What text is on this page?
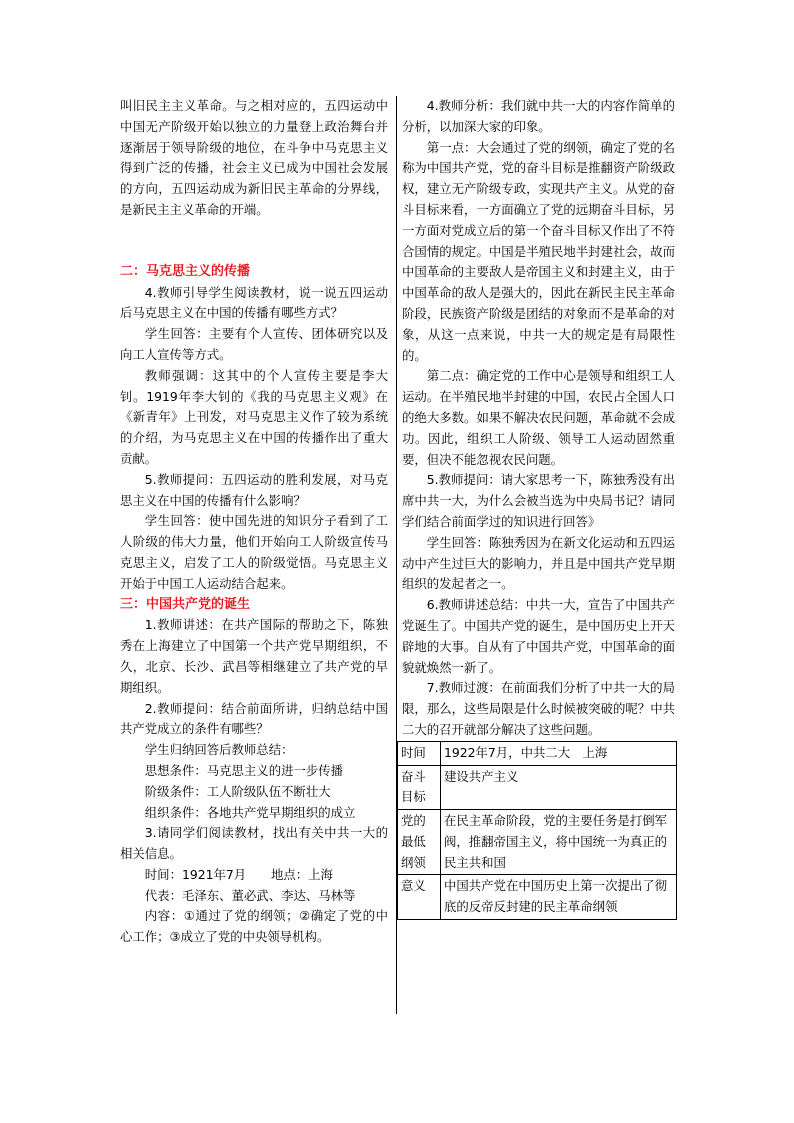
叫旧民主主义革命。与之相对应的，五四运动中中国无产阶级开始以独立的力量登上政治舞台并逐渐居于领导阶级的地位，在斗争中马克思主义得到广泛的传播，社会主义已成为中国社会发展的方向，五四运动成为新旧民主革命的分界线，是新民主主义革命的开端。

二：马克思主义的传播

4.教师引导学生阅读教材，说一说五四运动后马克思主义在中国的传播有哪些方式？

学生回答：主要有个人宣传、团体研究以及向工人宣传等方式。

教师强调：这其中的个人宣传主要是李大钊。1919年李大钊的《我的马克思主义观》在《新青年》上刊发，对马克思主义作了较为系统的介绍，为马克思主义在中国的传播作出了重大贡献。

5.教师提问：五四运动的胜利发展，对马克思主义在中国的传播有什么影响？

学生回答：使中国先进的知识分子看到了工人阶级的伟大力量，他们开始向工人阶级宣传马克思主义，启发了工人的阶级觉悟。马克思主义开始于中国工人运动结合起来。

三：中国共产党的诞生

1.教师讲述：在共产国际的帮助之下，陈独秀在上海建立了中国第一个共产党早期组织，不久，北京、长沙、武昌等相继建立了共产党的早期组织。

2.教师提问：结合前面所讲，归纳总结中国共产党成立的条件有哪些？

学生归纳回答后教师总结：

思想条件：马克思主义的进一步传播

阶级条件：工人阶级队伍不断壮大

组织条件：各地共产党早期组织的成立

3.请同学们阅读教材，找出有关中共一大的相关信息。

时间：1921年7月　　地点：上海

代表：毛泽东、董必武、李达、马林等

内容：①通过了党的纲领；②确定了党的中心工作；③成立了党的中央领导机构。

4.教师分析：我们就中共一大的内容作简单的分析，以加深大家的印象。

第一点：大会通过了党的纲领，确定了党的名称为中国共产党，党的奋斗目标是推翻资产阶级政权，建立无产阶级专政，实现共产主义。从党的奋斗目标来看，一方面确立了党的远期奋斗目标，另一方面对党成立后的第一个奋斗目标又作出了不符合国情的规定。中国是半殖民地半封建社会，故而中国革命的主要敌人是帝国主义和封建主义，由于中国革命的敌人是强大的，因此在新民主民主革命阶段，民族资产阶级是团结的对象而不是革命的对象，从这一点来说，中共一大的规定是有局限性的。

第二点：确定党的工作中心是领导和组织工人运动。在半殖民地半封建的中国，农民占全国人口的绝大多数。如果不解决农民问题，革命就不会成功。因此，组织工人阶级、领导工人运动固然重要，但决不能忽视农民问题。

5.教师提问：请大家思考一下，陈独秀没有出席中共一大，为什么会被当选为中央局书记？请同学们结合前面学过的知识进行回答》

学生回答：陈独秀因为在新文化运动和五四运动中产生过巨大的影响力，并且是中国共产党早期组织的发起者之一。

6.教师讲述总结：中共一大，宣告了中国共产党诞生了。中国共产党的诞生，是中国历史上开天辟地的大事。自从有了中国共产党，中国革命的面貌就焕然一新了。

7.教师过渡：在前面我们分析了中共一大的局限，那么，这些局限是什么时候被突破的呢？中共二大的召开就部分解决了这些问题。

时间	1922年7月，中共二大　上海
奋斗目标	建设共产主义
党的最低纲领	在民主革命阶段，党的主要任务是打倒军阀，推翻帝国主义，将中国统一为真正的民主共和国
意义	中国共产党在中国历史上第一次提出了彻底的反帝反封建的民主革命纲领
